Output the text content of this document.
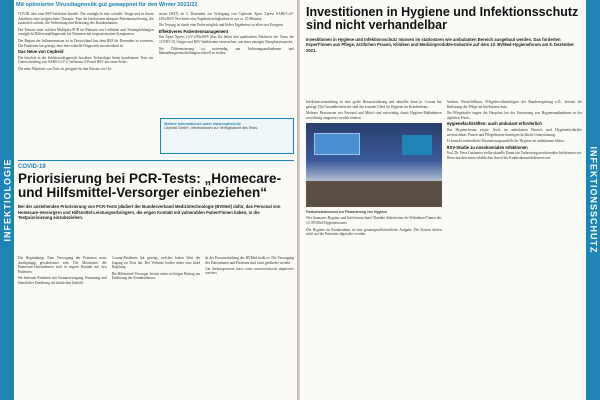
Mit optimierter Virusdiagnostik gut gewappnet für den Winter 2021/22
INFEKTIOLOGIE

COVID oder eine RSV-Infektion handelt. Das ermöglicht eine schnelle Triage und in ihrem Anschluss eine zielgerichtete Therapie. Eine die Infektionen adäquate Patientenisolierung, die zusätzlich schützt, die Verbreitung und Belastung des Krankenhauses.

Der Einsatz einer solchen Multiplex-PCR im Rahmen von Leitlinien und Testempfehlungen ermöglicht Differentialdiagnostik bei Patienten mit respiratorischen Symptomen.

Der Beginn der Influenzasaison ist in Deutschland laut dem RKI für Dezember zu erwarten. Die Pandemie hat gezeigt, dass eine schnelle Diagnostik entscheidend ist.

Das Neue von Cepheid

Die kürzlich in der Infektionsdiagnostik bewährte Technologie bietet kombinierte Tests zur Unterscheidung von SARS-CoV-2, Influenza A/B und RSV aus einer Probe.

Die neue Plattform von Tests ist geeignet für den Einsatz vor Ort.

lassen (RAT) ab 3. Dezember zur Verfügung von Cepheids Xpert Xpress SARS-CoV-2/Flu/RSV Test bietet eine Ergebnisverfügbarkeit in nur ca. 25 Minuten.

Die Testung ist durch eine Probe möglich und liefert Ergebnisse zu allen vier Erregern.

Effektiveres Patientenmanagement

Das Xpert Xpress CoV-2/Flu/RSV plus Kit liefert den qualitativen Nachweis der Viren, die COVID-19, Grippe und RSV-Infektionen verursachen, aus einer einzigen Nasopharynxprobe.

Die Differenzierung ist notwendig, um Isolierungsmaßnahmen und Behandlungsentscheidungen schnell zu treffen.

Weitere Informationen unter www.cepheid.de
Cepheid GmbH, Informationen zur Verfügbarkeit des Tests.
COVID-19
Priorisierung bei PCR-Tests: „Homecare- und Hilfsmittel-Versorger einbeziehen“
Bei der anstehenden Priorisierung von PCR-Tests plädiert der Bundesverband Medizintechnologie (BVMed) dafür, das Personal von Homecare-Versorgern und Hilfsmittel-Leistungserbringern, die engen Kontakt mit vulnerablen Patient*innen haben, in die Testpriorisierung einzubeziehen.

Die Begründung: Eine Versorgung der Patienten muss durchgängig gewährleistet sein. Die Mitarbeiter der Homecare-Unternehmen sind in engem Kontakt mit den Patienten.

Sie betreuen Patienten mit Stomaversorgung, Beatmung und künstlicher Ernährung im häuslichen Umfeld.

Corona-Pandemie hat gezeigt, welches hohen Wert der Zugang zu Tests hat. Der Verband fordert daher eine klare Regelung.

Die Hilfsmittel-Versorger leisten einen wichtigen Beitrag zur Entlastung der Krankenhäuser.

In der Pressemitteilung des BVMed heißt es: Die Versorgung der Patientinnen und Patienten darf nicht gefährdet werden.

Die Stellungnahme kann unter www.bvmed.de abgerufen werden.

INFEKTIONSSCHUTZ
Investitionen in Hygiene und Infektionsschutz sind nicht verhandelbar
Investitionen in Hygiene und Infektionsschutz müssen im stationären wie ambulanten Bereich ausgebaut werden. Das forderten Expert*innen aus Pflege, ärztlichen Praxen, Kliniken und Medizinprodukte-Industrie auf dem 10. BVMed-Hygieneforum am 8. Dezember 2021.

Infektionsvermeidung ist eine große Herausforderung und aktueller denn je. Corona hat gezeigt: Die Gesundheitsberufe sind das zentrale Glied für Hygiene im Krankenhaus.

Mehrere Ressourcen wie Personal und Mittel sind notwendig, damit Hygiene-Maßnahmen zuverlässig umgesetzt werden können.

Podiumsdiskussion zur Finanzierung von Hygiene

Wer finanziert Hygiene und Infektionsschutz? Darüber diskutierten die Teilnehmer*innen des 10. BVMed-Hygieneforums.

Die Hygiene im Krankenhaus ist eine gesamtgesellschaftliche Aufgabe. Die Kosten dürfen nicht auf die Patienten abgewälzt werden.

Andreas Westerfellhaus, Pflegebevollmächtigter der Bundesregierung a.D., betonte die Bedeutung der Pflege im Infektionsschutz.

Die Pflegekräfte tragen die Hauptlast bei der Umsetzung von Hygienemaßnahmen in der täglichen Praxis.

Hygienefachkräften: auch ambulant erforderlich

Das Hygieneforum zeigte: Auch im ambulanten Bereich sind Hygienefachkräfte unverzichtbar. Praxen und Pflegedienste benötigen fachliche Unterstützung.

Es braucht verbindliche Finanzierungsmodelle für Hygiene im ambulanten Sektor.

RSV-Studie zu nosokomialen Infektionen

Prof. Dr. Petra Gastmeier stellte aktuelle Daten zur Verbreitung nosokomialer Infektionen vor. Diese machen einen erheblichen Anteil der Krankenhausinfektionen aus.
